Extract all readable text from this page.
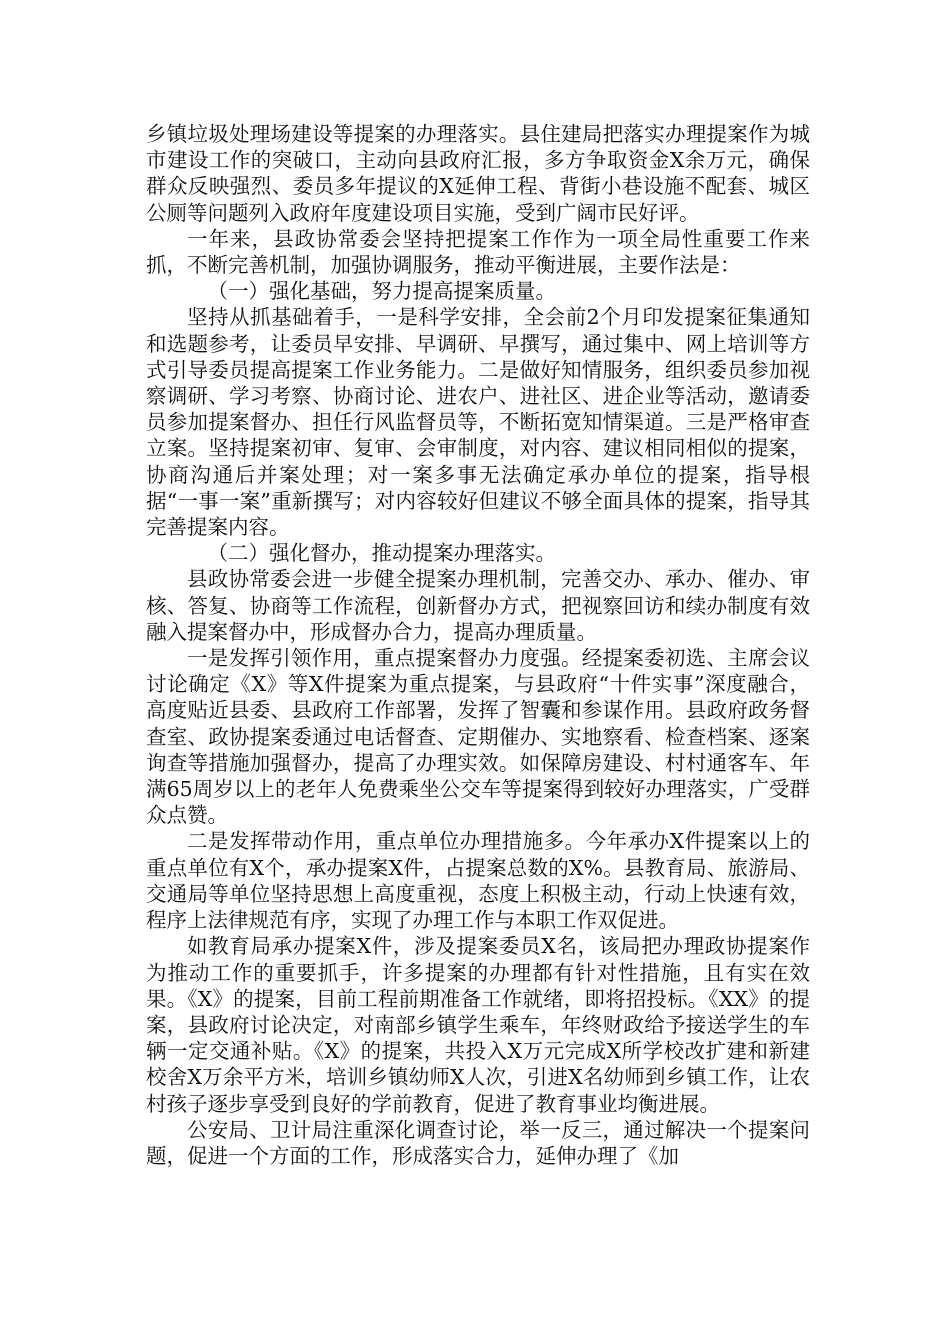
乡镇垃圾处理场建设等提案的办理落实。县住建局把落实办理提案作为城市建设工作的突破口，主动向县政府汇报，多方争取资金X余万元，确保群众反映强烈、委员多年提议的X延伸工程、背街小巷设施不配套、城区公厕等问题列入政府年度建设项目实施，受到广阔市民好评。

一年来，县政协常委会坚持把提案工作作为一项全局性重要工作来抓，不断完善机制，加强协调服务，推动平衡进展，主要作法是：

（一）强化基础，努力提高提案质量。

坚持从抓基础着手，一是科学安排，全会前2个月印发提案征集通知和选题参考，让委员早安排、早调研、早撰写，通过集中、网上培训等方式引导委员提高提案工作业务能力。二是做好知情服务，组织委员参加视察调研、学习考察、协商讨论、进农户、进社区、进企业等活动，邀请委员参加提案督办、担任行风监督员等，不断拓宽知情渠道。三是严格审查立案。坚持提案初审、复审、会审制度，对内容、建议相同相似的提案，协商沟通后并案处理；对一案多事无法确定承办单位的提案，指导根据“一事一案”重新撰写；对内容较好但建议不够全面具体的提案，指导其完善提案内容。

（二）强化督办，推动提案办理落实。

县政协常委会进一步健全提案办理机制，完善交办、承办、催办、审核、答复、协商等工作流程，创新督办方式，把视察回访和续办制度有效融入提案督办中，形成督办合力，提高办理质量。

一是发挥引领作用，重点提案督办力度强。经提案委初选、主席会议讨论确定《X》等X件提案为重点提案，与县政府“十件实事”深度融合，高度贴近县委、县政府工作部署，发挥了智囊和参谋作用。县政府政务督查室、政协提案委通过电话督查、定期催办、实地察看、检查档案、逐案询查等措施加强督办，提高了办理实效。如保障房建设、村村通客车、年满65周岁以上的老年人免费乘坐公交车等提案得到较好办理落实，广受群众点赞。

二是发挥带动作用，重点单位办理措施多。今年承办X件提案以上的重点单位有X个，承办提案X件，占提案总数的X%。县教育局、旅游局、交通局等单位坚持思想上高度重视，态度上积极主动，行动上快速有效，程序上法律规范有序，实现了办理工作与本职工作双促进。

如教育局承办提案X件，涉及提案委员X名，该局把办理政协提案作为推动工作的重要抓手，许多提案的办理都有针对性措施，且有实在效果。《X》的提案，目前工程前期准备工作就绪，即将招投标。《XX》的提案，县政府讨论决定，对南部乡镇学生乘车，年终财政给予接送学生的车辆一定交通补贴。《X》的提案，共投入X万元完成X所学校改扩建和新建校舍X万余平方米，培训乡镇幼师X人次，引进X名幼师到乡镇工作，让农村孩子逐步享受到良好的学前教育，促进了教育事业均衡进展。

公安局、卫计局注重深化调查讨论，举一反三，通过解决一个提案问题，促进一个方面的工作，形成落实合力，延伸办理了《加
